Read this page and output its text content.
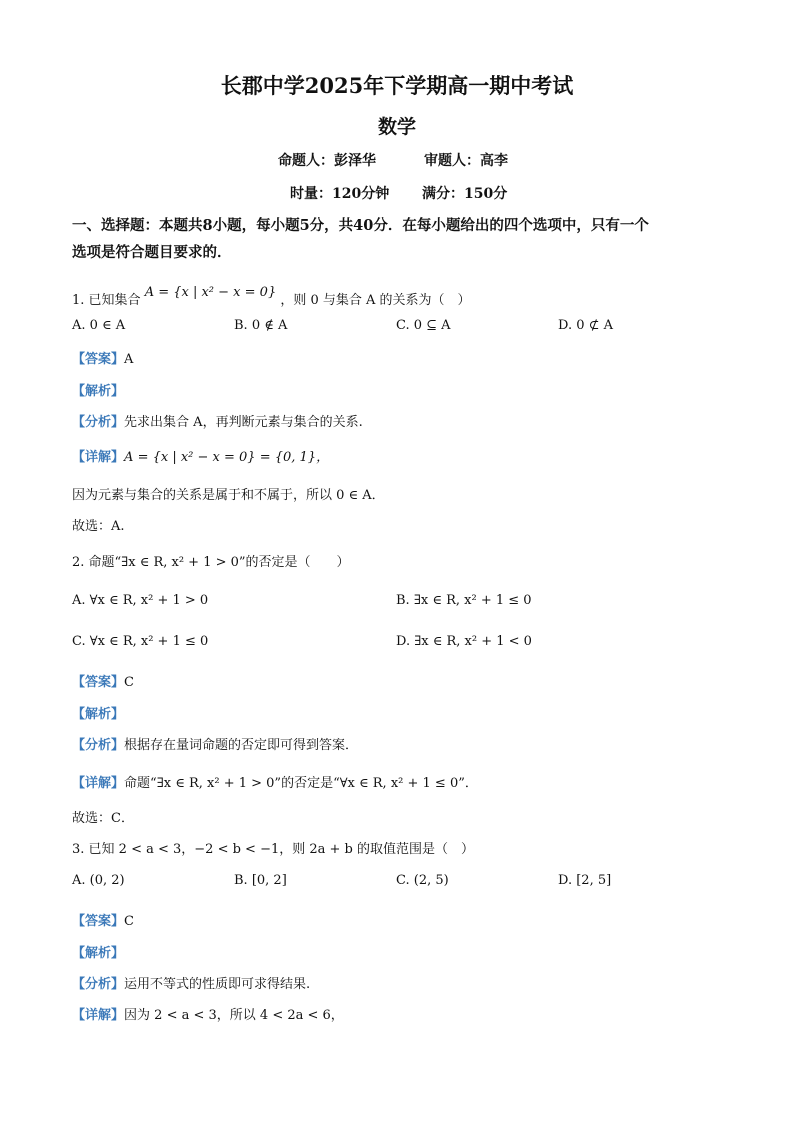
长郡中学2025年下学期高一期中考试
数学
命题人：彭泽华	审题人：高李
时量：120分钟 满分：150分
一、选择题：本题共8小题，每小题5分，共40分．在每小题给出的四个选项中，只有一个
选项是符合题目要求的．
1. 已知集合 A = {x | x² − x = 0} ，则 0 与集合 A 的关系为（　）
A. 0 ∈ A	B. 0 ∉ A	C. 0 ⊆ A	D. 0 ⊄ A
【答案】A
【解析】
【分析】先求出集合 A，再判断元素与集合的关系.
【详解】A = {x | x² − x = 0} = {0, 1}，
因为元素与集合的关系是属于和不属于，所以 0 ∈ A．
故选：A.
2. 命题“∃x ∈ R, x² + 1 > 0”的否定是（　　）
A. ∀x ∈ R, x² + 1 > 0	B. ∃x ∈ R, x² + 1 ≤ 0
C. ∀x ∈ R, x² + 1 ≤ 0	D. ∃x ∈ R, x² + 1 < 0
【答案】C
【解析】
【分析】根据存在量词命题的否定即可得到答案．
【详解】命题“∃x ∈ R, x² + 1 > 0”的否定是“∀x ∈ R, x² + 1 ≤ 0”．
故选：C．
3. 已知 2 < a < 3，−2 < b < −1，则 2a + b 的取值范围是（　）
A. (0, 2)	B. [0, 2]	C. (2, 5)	D. [2, 5]
【答案】C
【解析】
【分析】运用不等式的性质即可求得结果.
【详解】因为 2 < a < 3，所以 4 < 2a < 6，
